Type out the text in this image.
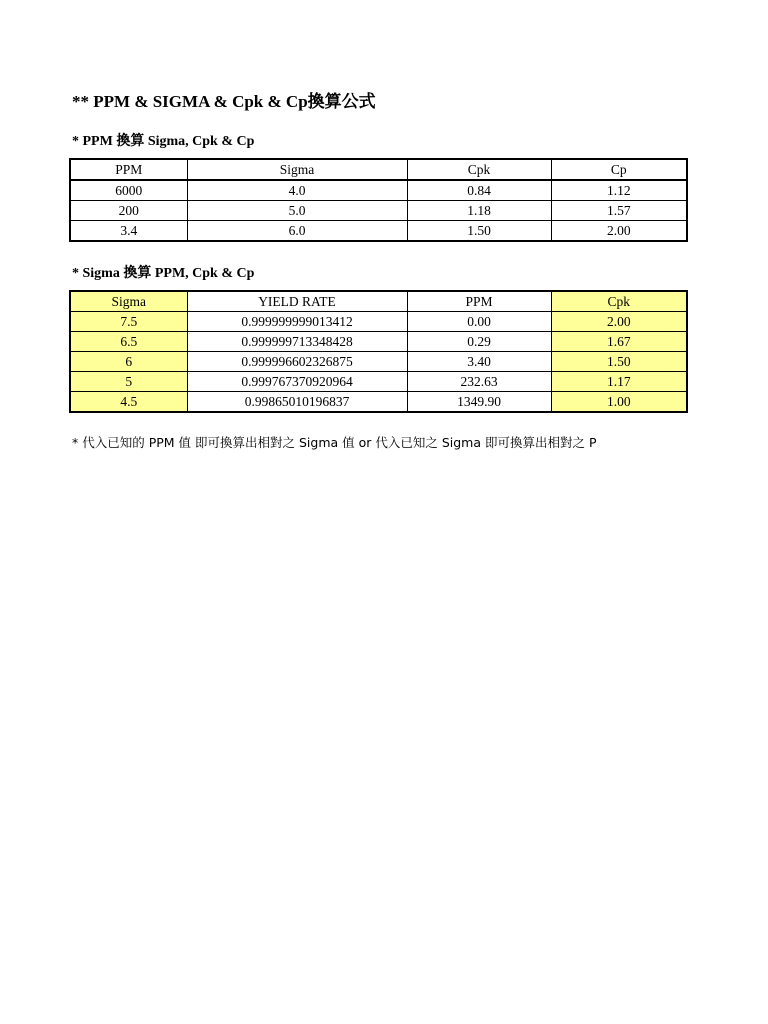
** PPM & SIGMA & Cpk & Cp換算公式
* PPM 換算 Sigma, Cpk & Cp
PPM	Sigma	Cpk	Cp
6000	4.0	0.84	1.12
200	5.0	1.18	1.57
3.4	6.0	1.50	2.00
* Sigma 換算 PPM, Cpk & Cp
Sigma	YIELD RATE	PPM	Cpk
7.5	0.999999999013412	0.00	2.00
6.5	0.999999713348428	0.29	1.67
6	0.999996602326875	3.40	1.50
5	0.999767370920964	232.63	1.17
4.5	0.99865010196837	1349.90	1.00
* 代入已知的 PPM 值 即可換算出相對之 Sigma 值 or 代入已知之 Sigma 即可換算出相對之 P
